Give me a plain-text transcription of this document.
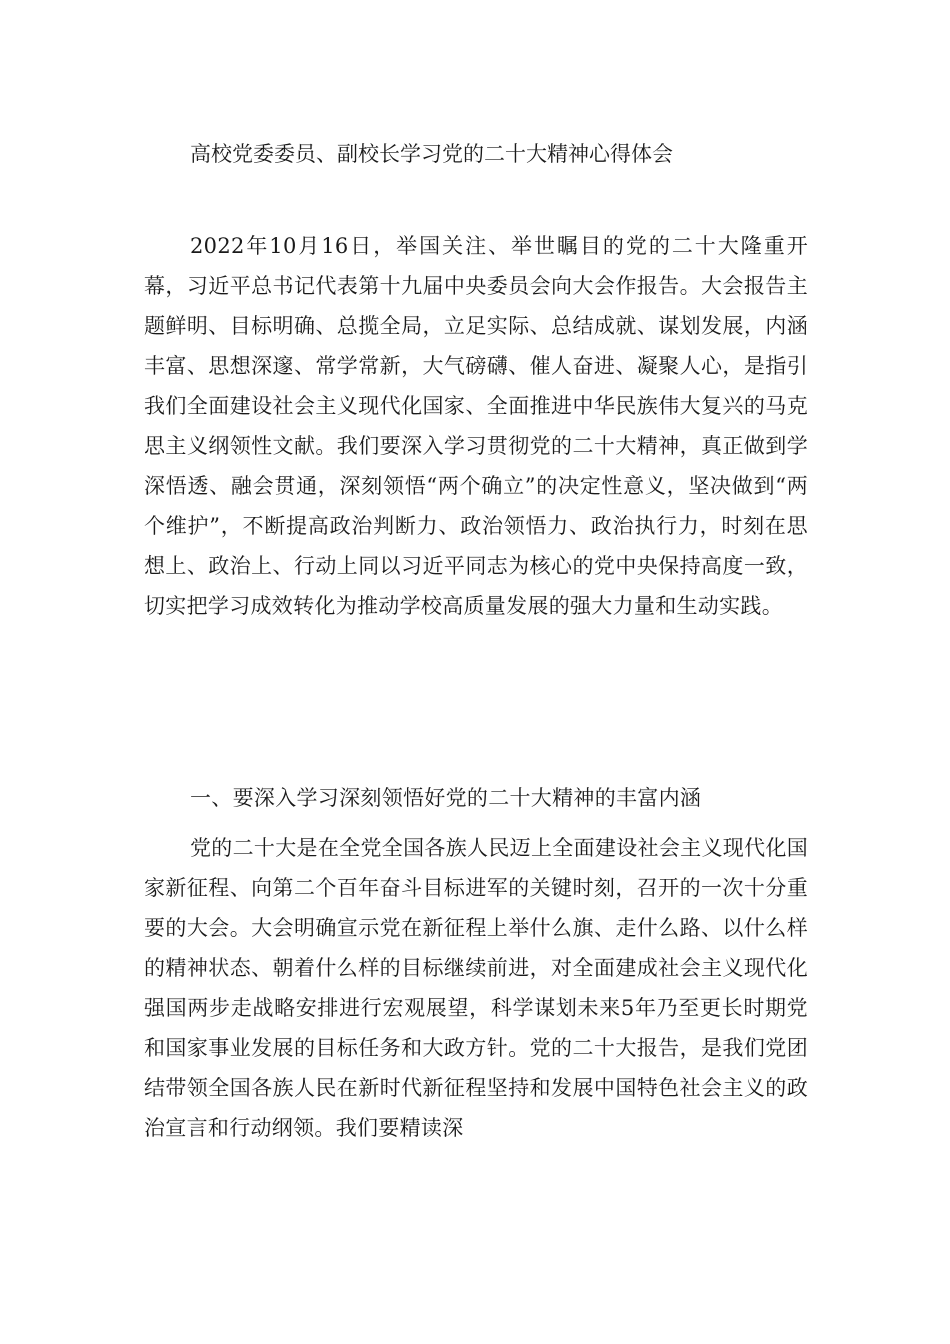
高校党委委员、副校长学习党的二十大精神心得体会
2022年10月16日，举国关注、举世瞩目的党的二十大隆重开幕，习近平总书记代表第十九届中央委员会向大会作报告。大会报告主题鲜明、目标明确、总揽全局，立足实际、总结成就、谋划发展，内涵丰富、思想深邃、常学常新，大气磅礴、催人奋进、凝聚人心，是指引我们全面建设社会主义现代化国家、全面推进中华民族伟大复兴的马克思主义纲领性文献。我们要深入学习贯彻党的二十大精神，真正做到学深悟透、融会贯通，深刻领悟“两个确立”的决定性意义，坚决做到“两个维护”，不断提高政治判断力、政治领悟力、政治执行力，时刻在思想上、政治上、行动上同以习近平同志为核心的党中央保持高度一致，切实把学习成效转化为推动学校高质量发展的强大力量和生动实践。
一、要深入学习深刻领悟好党的二十大精神的丰富内涵
党的二十大是在全党全国各族人民迈上全面建设社会主义现代化国家新征程、向第二个百年奋斗目标进军的关键时刻，召开的一次十分重要的大会。大会明确宣示党在新征程上举什么旗、走什么路、以什么样的精神状态、朝着什么样的目标继续前进，对全面建成社会主义现代化强国两步走战略安排进行宏观展望，科学谋划未来5年乃至更长时期党和国家事业发展的目标任务和大政方针。党的二十大报告，是我们党团结带领全国各族人民在新时代新征程坚持和发展中国特色社会主义的政治宣言和行动纲领。我们要精读深
